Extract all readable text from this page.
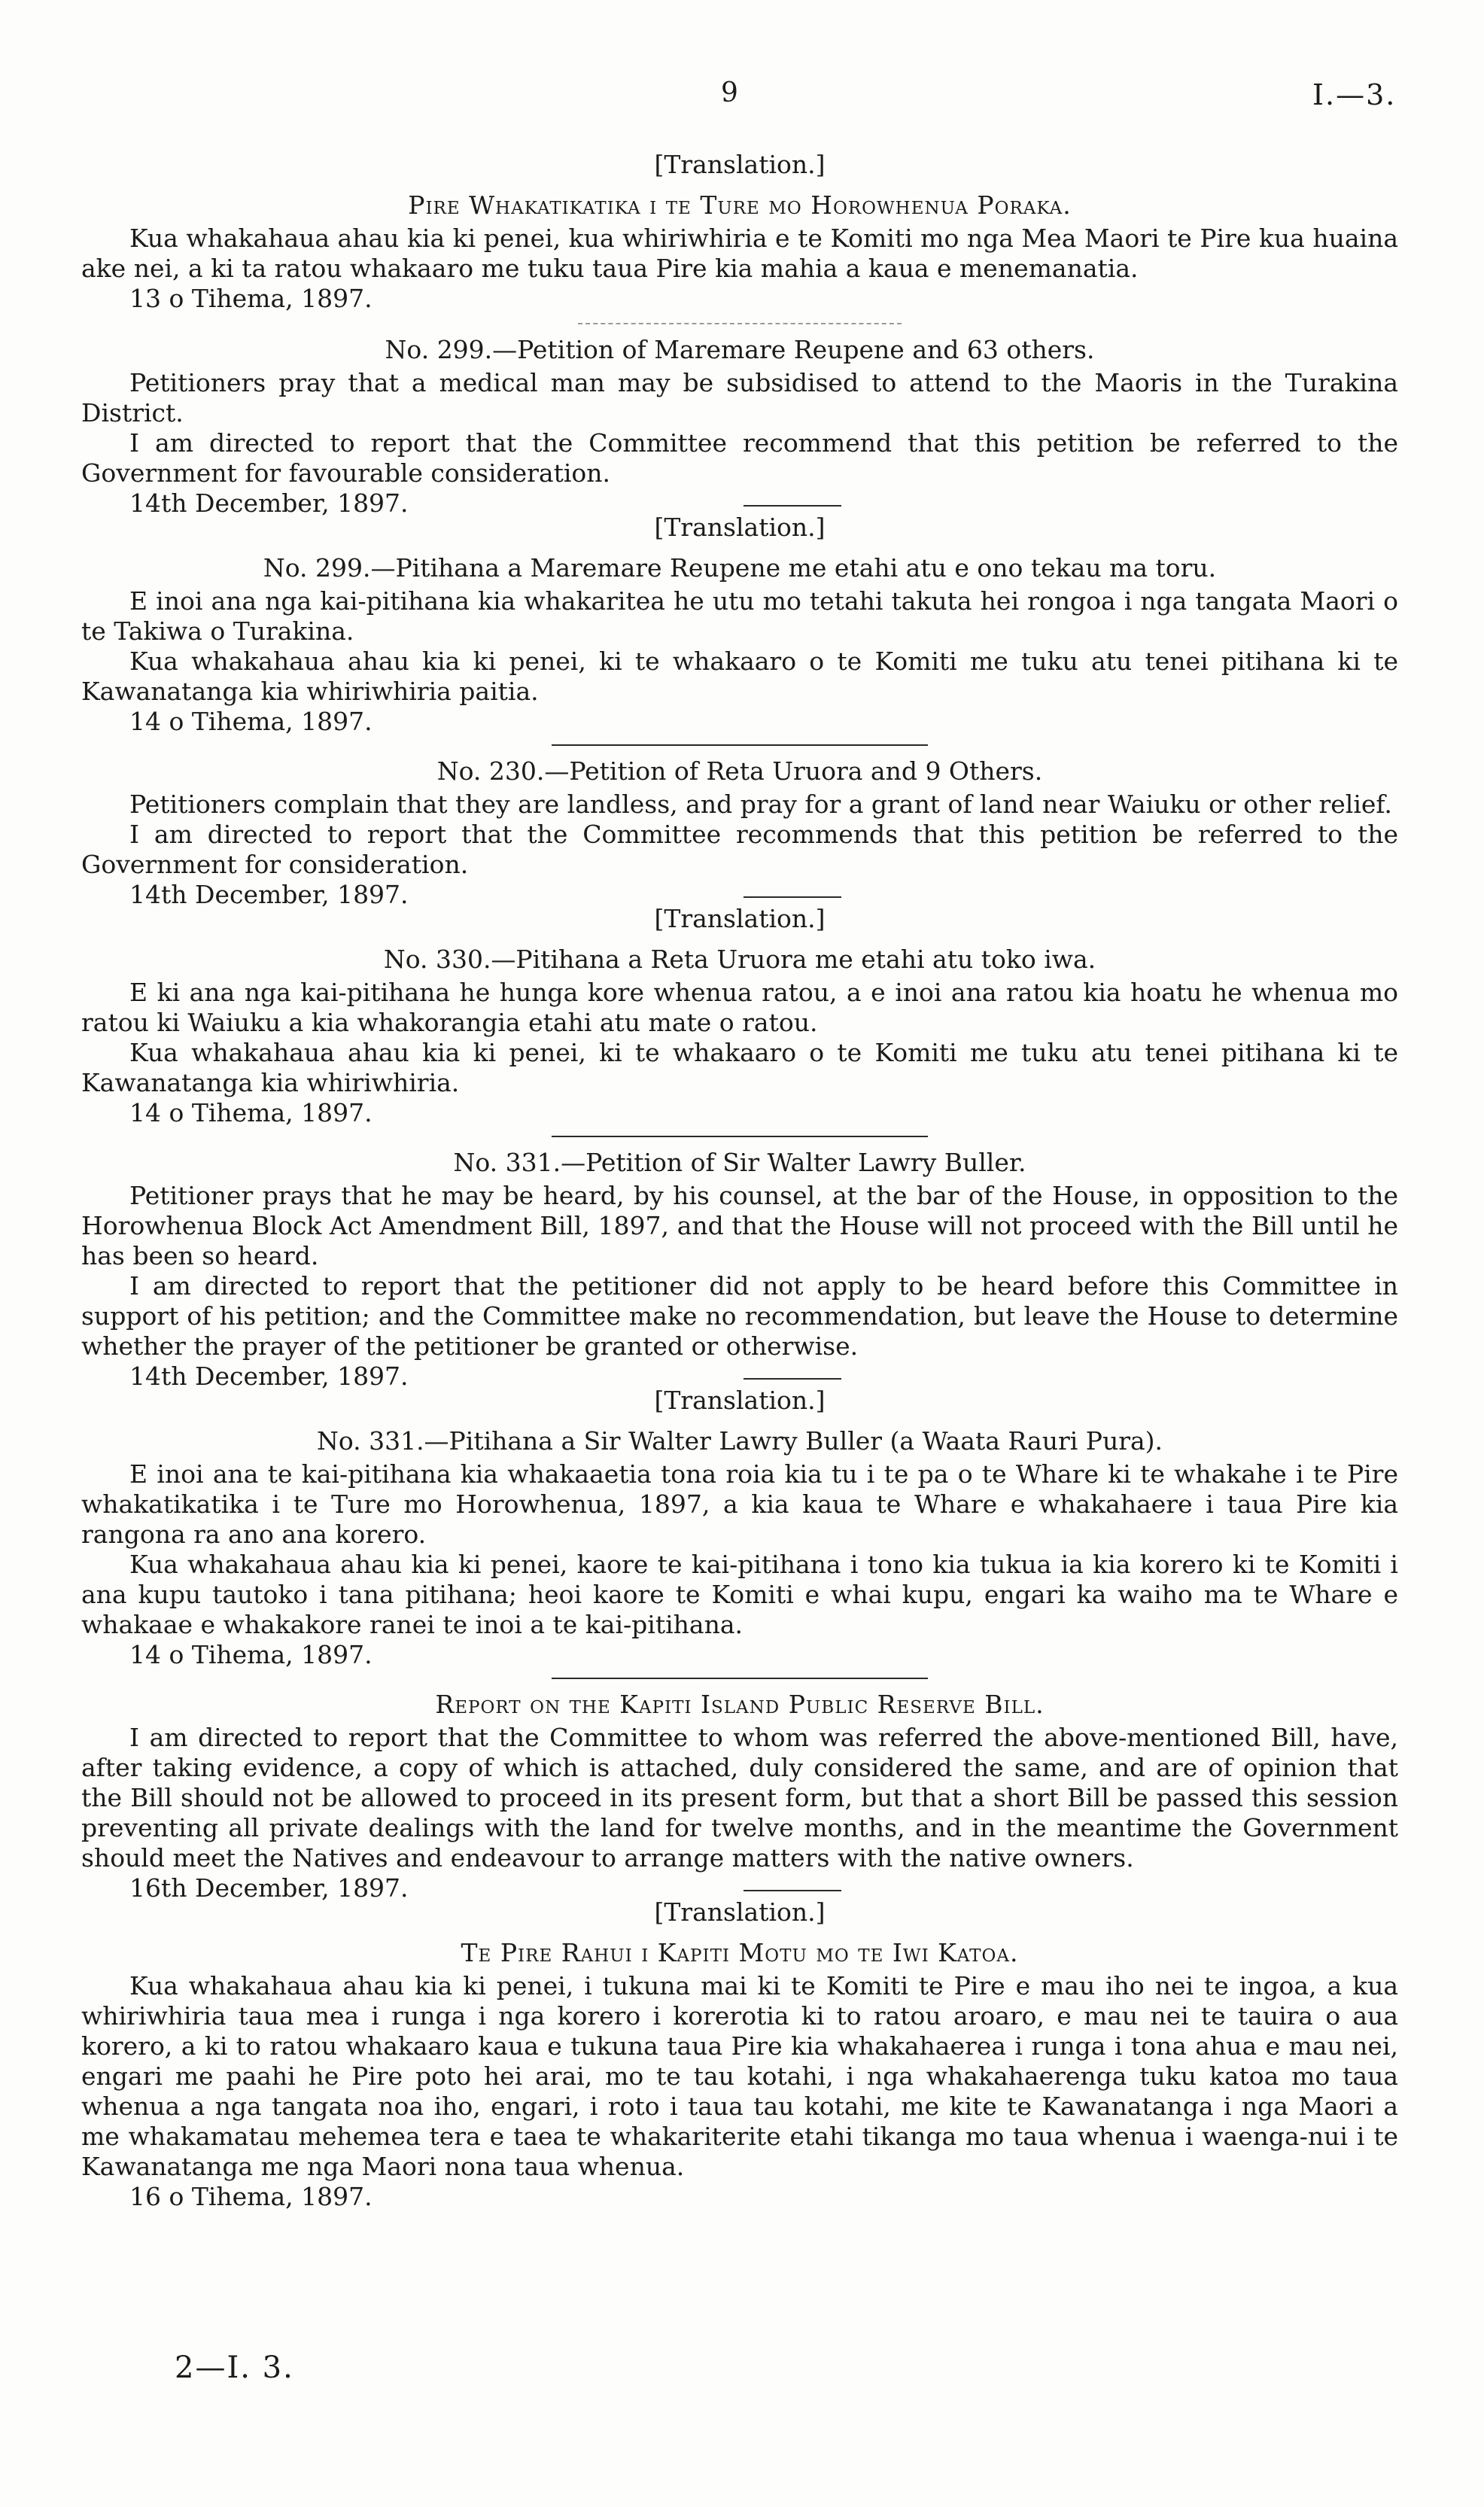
9	I.—3.

[Translation.]

Pire Whakatikatika i te Ture mo Horowhenua Poraka.

Kua whakahaua ahau kia ki penei, kua whiriwhiria e te Komiti mo nga Mea Maori te Pire kua huaina ake nei, a ki ta ratou whakaaro me tuku taua Pire kia mahia a kaua e menemanatia.

13 o Tihema, 1897.

No. 299.—Petition of Maremare Reupene and 63 others.

Petitioners pray that a medical man may be subsidised to attend to the Maoris in the Turakina District.

I am directed to report that the Committee recommend that this petition be referred to the Government for favourable consideration.

14th December, 1897.

[Translation.]

No. 299.—Pitihana a Maremare Reupene me etahi atu e ono tekau ma toru.

E inoi ana nga kai-pitihana kia whakaritea he utu mo tetahi takuta hei rongoa i nga tangata Maori o te Takiwa o Turakina.

Kua whakahaua ahau kia ki penei, ki te whakaaro o te Komiti me tuku atu tenei pitihana ki te Kawanatanga kia whiriwhiria paitia.

14 o Tihema, 1897.

No. 230.—Petition of Reta Uruora and 9 Others.

Petitioners complain that they are landless, and pray for a grant of land near Waiuku or other relief.

I am directed to report that the Committee recommends that this petition be referred to the Government for consideration.

14th December, 1897.

[Translation.]

No. 330.—Pitihana a Reta Uruora me etahi atu toko iwa.

E ki ana nga kai-pitihana he hunga kore whenua ratou, a e inoi ana ratou kia hoatu he whenua mo ratou ki Waiuku a kia whakorangia etahi atu mate o ratou.

Kua whakahaua ahau kia ki penei, ki te whakaaro o te Komiti me tuku atu tenei pitihana ki te Kawanatanga kia whiriwhiria.

14 o Tihema, 1897.

No. 331.—Petition of Sir Walter Lawry Buller.

Petitioner prays that he may be heard, by his counsel, at the bar of the House, in opposition to the Horowhenua Block Act Amendment Bill, 1897, and that the House will not proceed with the Bill until he has been so heard.

I am directed to report that the petitioner did not apply to be heard before this Committee in support of his petition; and the Committee make no recommendation, but leave the House to determine whether the prayer of the petitioner be granted or otherwise.

14th December, 1897.

[Translation.]

No. 331.—Pitihana a Sir Walter Lawry Buller (a Waata Rauri Pura).

E inoi ana te kai-pitihana kia whakaaetia tona roia kia tu i te pa o te Whare ki te whakahe i te Pire whakatikatika i te Ture mo Horowhenua, 1897, a kia kaua te Whare e whakahaere i taua Pire kia rangona ra ano ana korero.

Kua whakahaua ahau kia ki penei, kaore te kai-pitihana i tono kia tukua ia kia korero ki te Komiti i ana kupu tautoko i tana pitihana; heoi kaore te Komiti e whai kupu, engari ka waiho ma te Whare e whakaae e whakakore ranei te inoi a te kai-pitihana.

14 o Tihema, 1897.

Report on the Kapiti Island Public Reserve Bill.

I am directed to report that the Committee to whom was referred the above-mentioned Bill, have, after taking evidence, a copy of which is attached, duly considered the same, and are of opinion that the Bill should not be allowed to proceed in its present form, but that a short Bill be passed this session preventing all private dealings with the land for twelve months, and in the meantime the Government should meet the Natives and endeavour to arrange matters with the native owners.

16th December, 1897.

[Translation.]

Te Pire Rahui i Kapiti Motu mo te Iwi Katoa.

Kua whakahaua ahau kia ki penei, i tukuna mai ki te Komiti te Pire e mau iho nei te ingoa, a kua whiriwhiria taua mea i runga i nga korero i korerotia ki to ratou aroaro, e mau nei te tauira o aua korero, a ki to ratou whakaaro kaua e tukuna taua Pire kia whakahaerea i runga i tona ahua e mau nei, engari me paahi he Pire poto hei arai, mo te tau kotahi, i nga whakahaerenga tuku katoa mo taua whenua a nga tangata noa iho, engari, i roto i taua tau kotahi, me kite te Kawanatanga i nga Maori a me whakamatau mehemea tera e taea te whakariterite etahi tikanga mo taua whenua i waenga-nui i te Kawanatanga me nga Maori nona taua whenua.

16 o Tihema, 1897.

2—I. 3.
